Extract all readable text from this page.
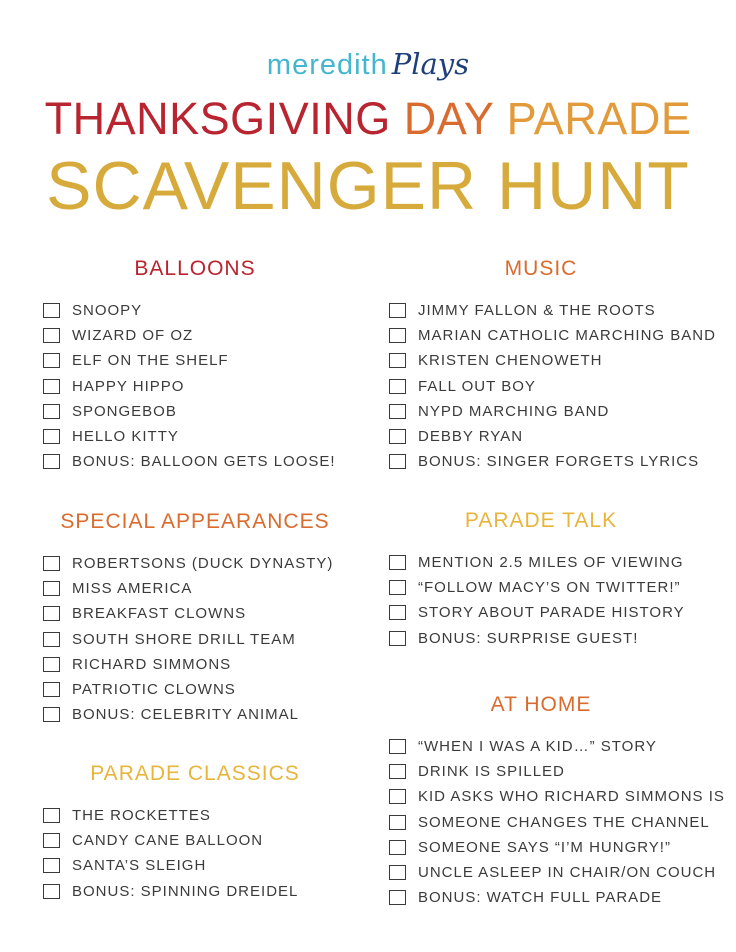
meredith Plays
THANKSGIVING DAY PARADE
SCAVENGER HUNT
BALLOONS
SNOOPY
WIZARD OF OZ
ELF ON THE SHELF
HAPPY HIPPO
SPONGEBOB
HELLO KITTY
BONUS: BALLOON GETS LOOSE!
MUSIC
JIMMY FALLON & THE ROOTS
MARIAN CATHOLIC MARCHING BAND
KRISTEN CHENOWETH
FALL OUT BOY
NYPD MARCHING BAND
DEBBY RYAN
BONUS: SINGER FORGETS LYRICS
SPECIAL APPEARANCES
ROBERTSONS (DUCK DYNASTY)
MISS AMERICA
BREAKFAST CLOWNS
SOUTH SHORE DRILL TEAM
RICHARD SIMMONS
PATRIOTIC CLOWNS
BONUS: CELEBRITY ANIMAL
PARADE TALK
MENTION 2.5 MILES OF VIEWING
“FOLLOW MACY’S ON TWITTER!”
STORY ABOUT PARADE HISTORY
BONUS: SURPRISE GUEST!
PARADE CLASSICS
THE ROCKETTES
CANDY CANE BALLOON
SANTA’S SLEIGH
BONUS: SPINNING DREIDEL
AT HOME
“WHEN I WAS A KID…” STORY
DRINK IS SPILLED
KID ASKS WHO RICHARD SIMMONS IS
SOMEONE CHANGES THE CHANNEL
SOMEONE SAYS “I’M HUNGRY!”
UNCLE ASLEEP IN CHAIR/ON COUCH
BONUS: WATCH FULL PARADE
